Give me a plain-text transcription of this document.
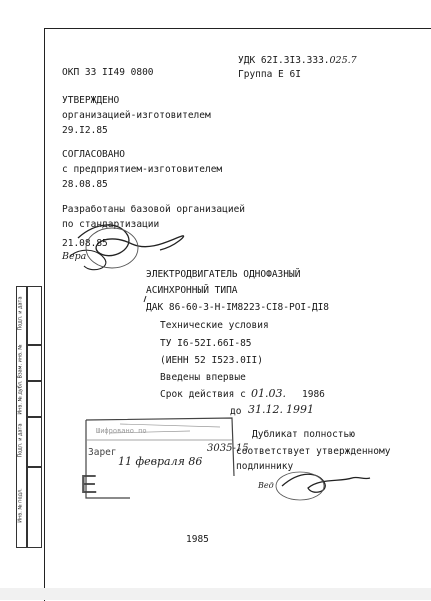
Подп. и дата
Взам. инв. №
Инв. № дубл.
Подп. и дата
Инв. № подл.
ОКП 33 II49 0800
УДК 62I.3I3.333.025.7
Группа Е 6I
УТВЕРЖДЕНО
организацией-изготовителем
29.I2.85
СОГЛАСОВАНО
с предприятием-изготовителем
28.08.85
Разработаны базовой организацией
по стандартизации
21.08.85
Вера
ЭЛЕКТРОДВИГАТЕЛЬ ОДНОФАЗНЫЙ
АСИНХРОННЫЙ ТИПА
ДАК 86-60-3-Н-IМ8223-СI8-РОI-ДI8
Технические условия
ТУ I6-52I.66I-85
(ИЕНН 52 I523.0II)
Введены впервые
Срок действия с 01.03. 1986
до 31.12. 1991
Дубликат полностью
соответствует утвержденному
подлиннику
Шифровано по
Зарег
11 февраля 86
3035-15
Е	Вед
1985
